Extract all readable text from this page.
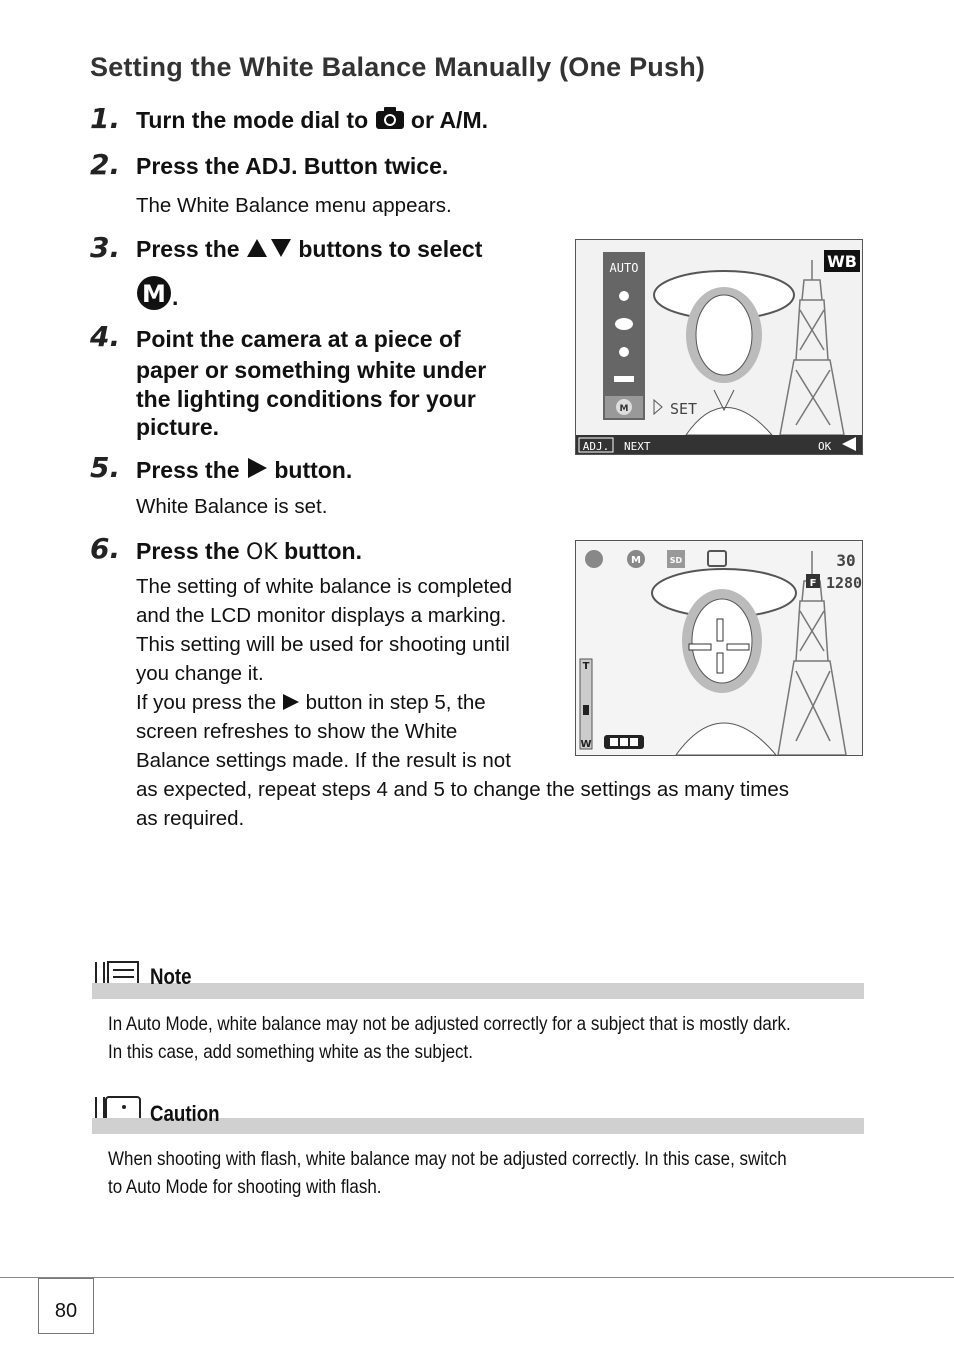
Setting the White Balance Manually (One Push)
1. Turn the mode dial to or A/M.
2. Press the ADJ. Button twice.
The White Balance menu appears.
3. Press the	buttons to select
M .
4. Point the camera at a piece of
paper or something white under
the lighting conditions for your
picture.
5. Press the button.
White Balance is set.
6. Press the OK button.
The setting of white balance is completed
and the LCD monitor displays a marking.
This setting will be used for shooting until
you change it.
If you press the button in step 5, the
screen refreshes to show the White
Balance settings made. If the result is not
as expected, repeat steps 4 and 5 to change the settings as many times
as required.
AUTO
M	SET
WB
ADJ. NEXT	OK
M	SD	30
F 1280
T
W
Note
In Auto Mode, white balance may not be adjusted correctly for a subject that is mostly dark. In this case, add something white as the subject.
Caution
When shooting with flash, white balance may not be adjusted correctly. In this case, switch to Auto Mode for shooting with flash.
80
